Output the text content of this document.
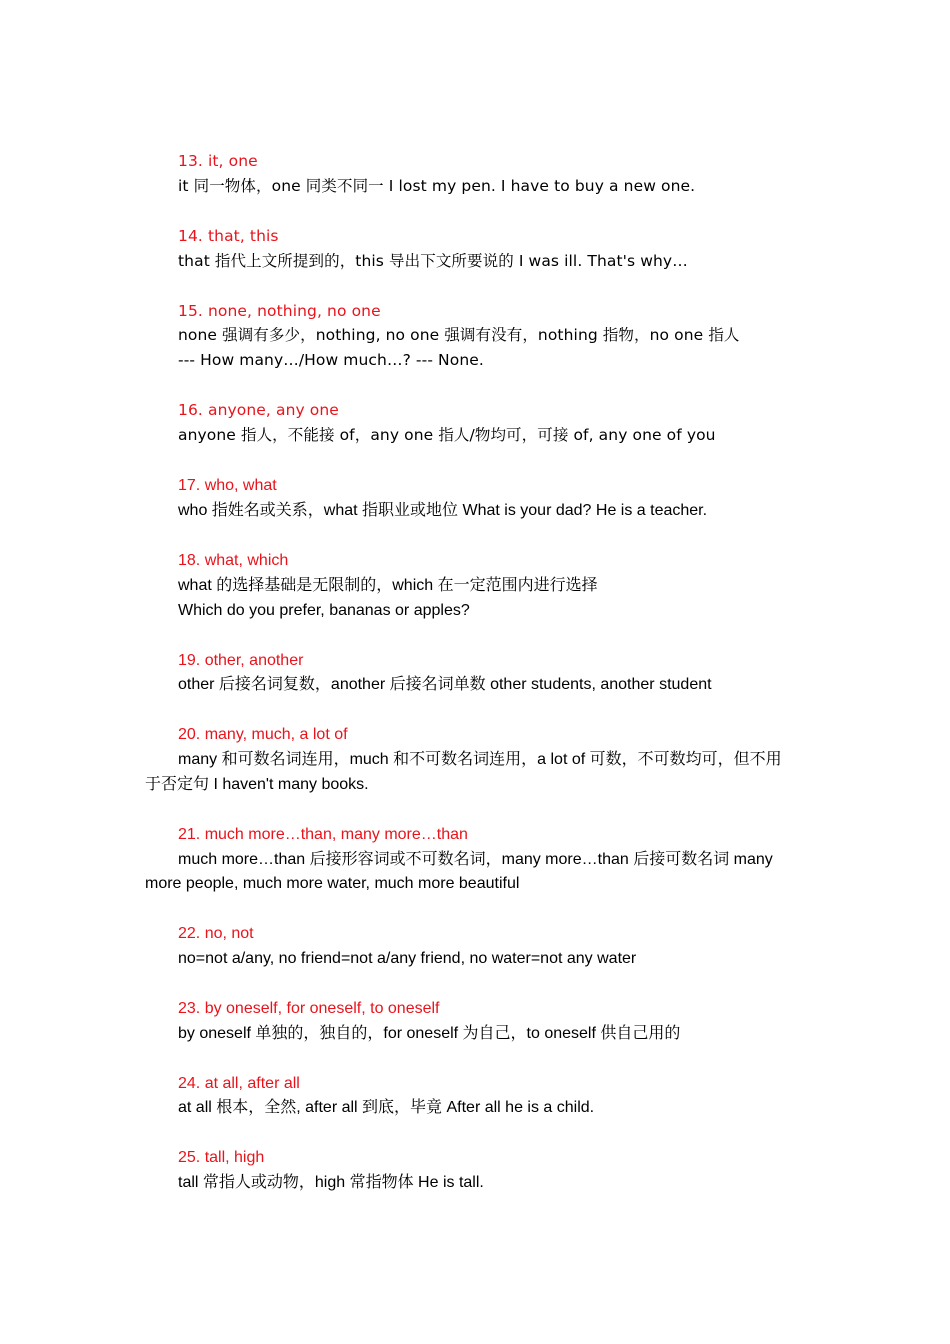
13. it, one
it 同一物体，one 同类不同一 I lost my pen. I have to buy a new one.
14. that, this
that 指代上文所提到的，this 导出下文所要说的 I was ill. That's why…
15. none, nothing, no one
none 强调有多少，nothing, no one 强调有没有，nothing 指物，no one 指人
--- How many…/How much…? --- None.
16. anyone, any one
anyone 指人，不能接 of，any one 指人/物均可，可接 of, any one of you
17. who, what
who 指姓名或关系，what 指职业或地位 What is your dad? He is a teacher.
18. what, which
what 的选择基础是无限制的，which 在一定范围内进行选择
Which do you prefer, bananas or apples?
19. other, another
other 后接名词复数，another 后接名词单数 other students, another student
20. many, much, a lot of
many 和可数名词连用，much 和不可数名词连用，a lot of 可数，不可数均可，但不用
于否定句 I haven't many books.
21. much more…than, many more…than
much more…than 后接形容词或不可数名词，many more…than 后接可数名词 many
more people, much more water, much more beautiful
22. no, not
no=not a/any, no friend=not a/any friend, no water=not any water
23. by oneself, for oneself, to oneself
by oneself 单独的，独自的，for oneself 为自己，to oneself 供自己用的
24. at all, after all
at all 根本，全然, after all 到底，毕竟 After all he is a child.
25. tall, high
tall 常指人或动物，high 常指物体 He is tall.
